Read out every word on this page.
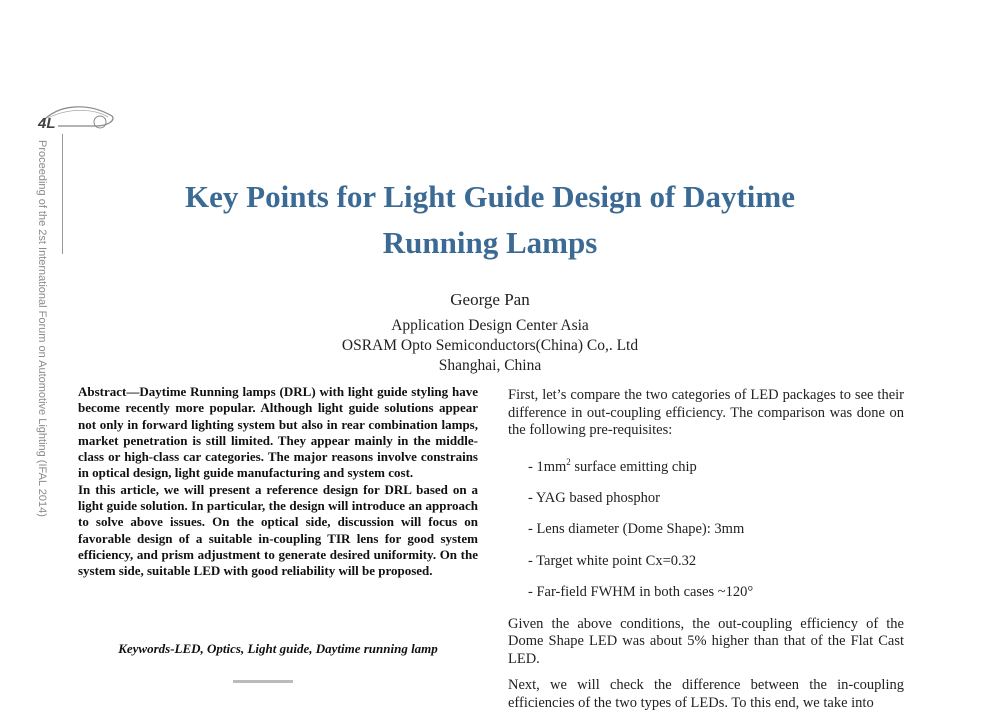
4L
Proceeding of the 2st International Forum on Automotive Lighting (IFAL 2014)	Key Points for Light Guide Design of Daytime
Running Lamps
George Pan
Application Design Center Asia
OSRAM Opto Semiconductors(China) Co,. Ltd
Shanghai, China

Abstract—Daytime Running lamps (DRL) with light guide styling have become recently more popular. Although light guide solutions appear not only in forward lighting system but also in rear combination lamps, market penetration is still limited. They appear mainly in the middle-class or high-class car categories. The major reasons involve constrains in optical design, light guide manufacturing and system cost.

In this article, we will present a reference design for DRL based on a light guide solution. In particular, the design will introduce an approach to solve above issues. On the optical side, discussion will focus on favorable design of a suitable in-coupling TIR lens for good system efficiency, and prism adjustment to generate desired uniformity. On the system side, suitable LED with good reliability will be proposed.

Keywords-LED, Optics, Light guide, Daytime running lamp

First, let’s compare the two categories of LED packages to see their difference in out-coupling efficiency. The comparison was done on the following pre-requisites:

- $1mm^2$ surface emitting chip
- YAG based phosphor
- Lens diameter (Dome Shape): 3mm
- Target white point Cx=0.32
- Far-field FWHM in both cases ~120°

Given the above conditions, the out-coupling efficiency of the Dome Shape LED was about 5% higher than that of the Flat Cast LED.

Next, we will check the difference between the in-coupling efficiencies of the two types of LEDs. To this end, we take into
